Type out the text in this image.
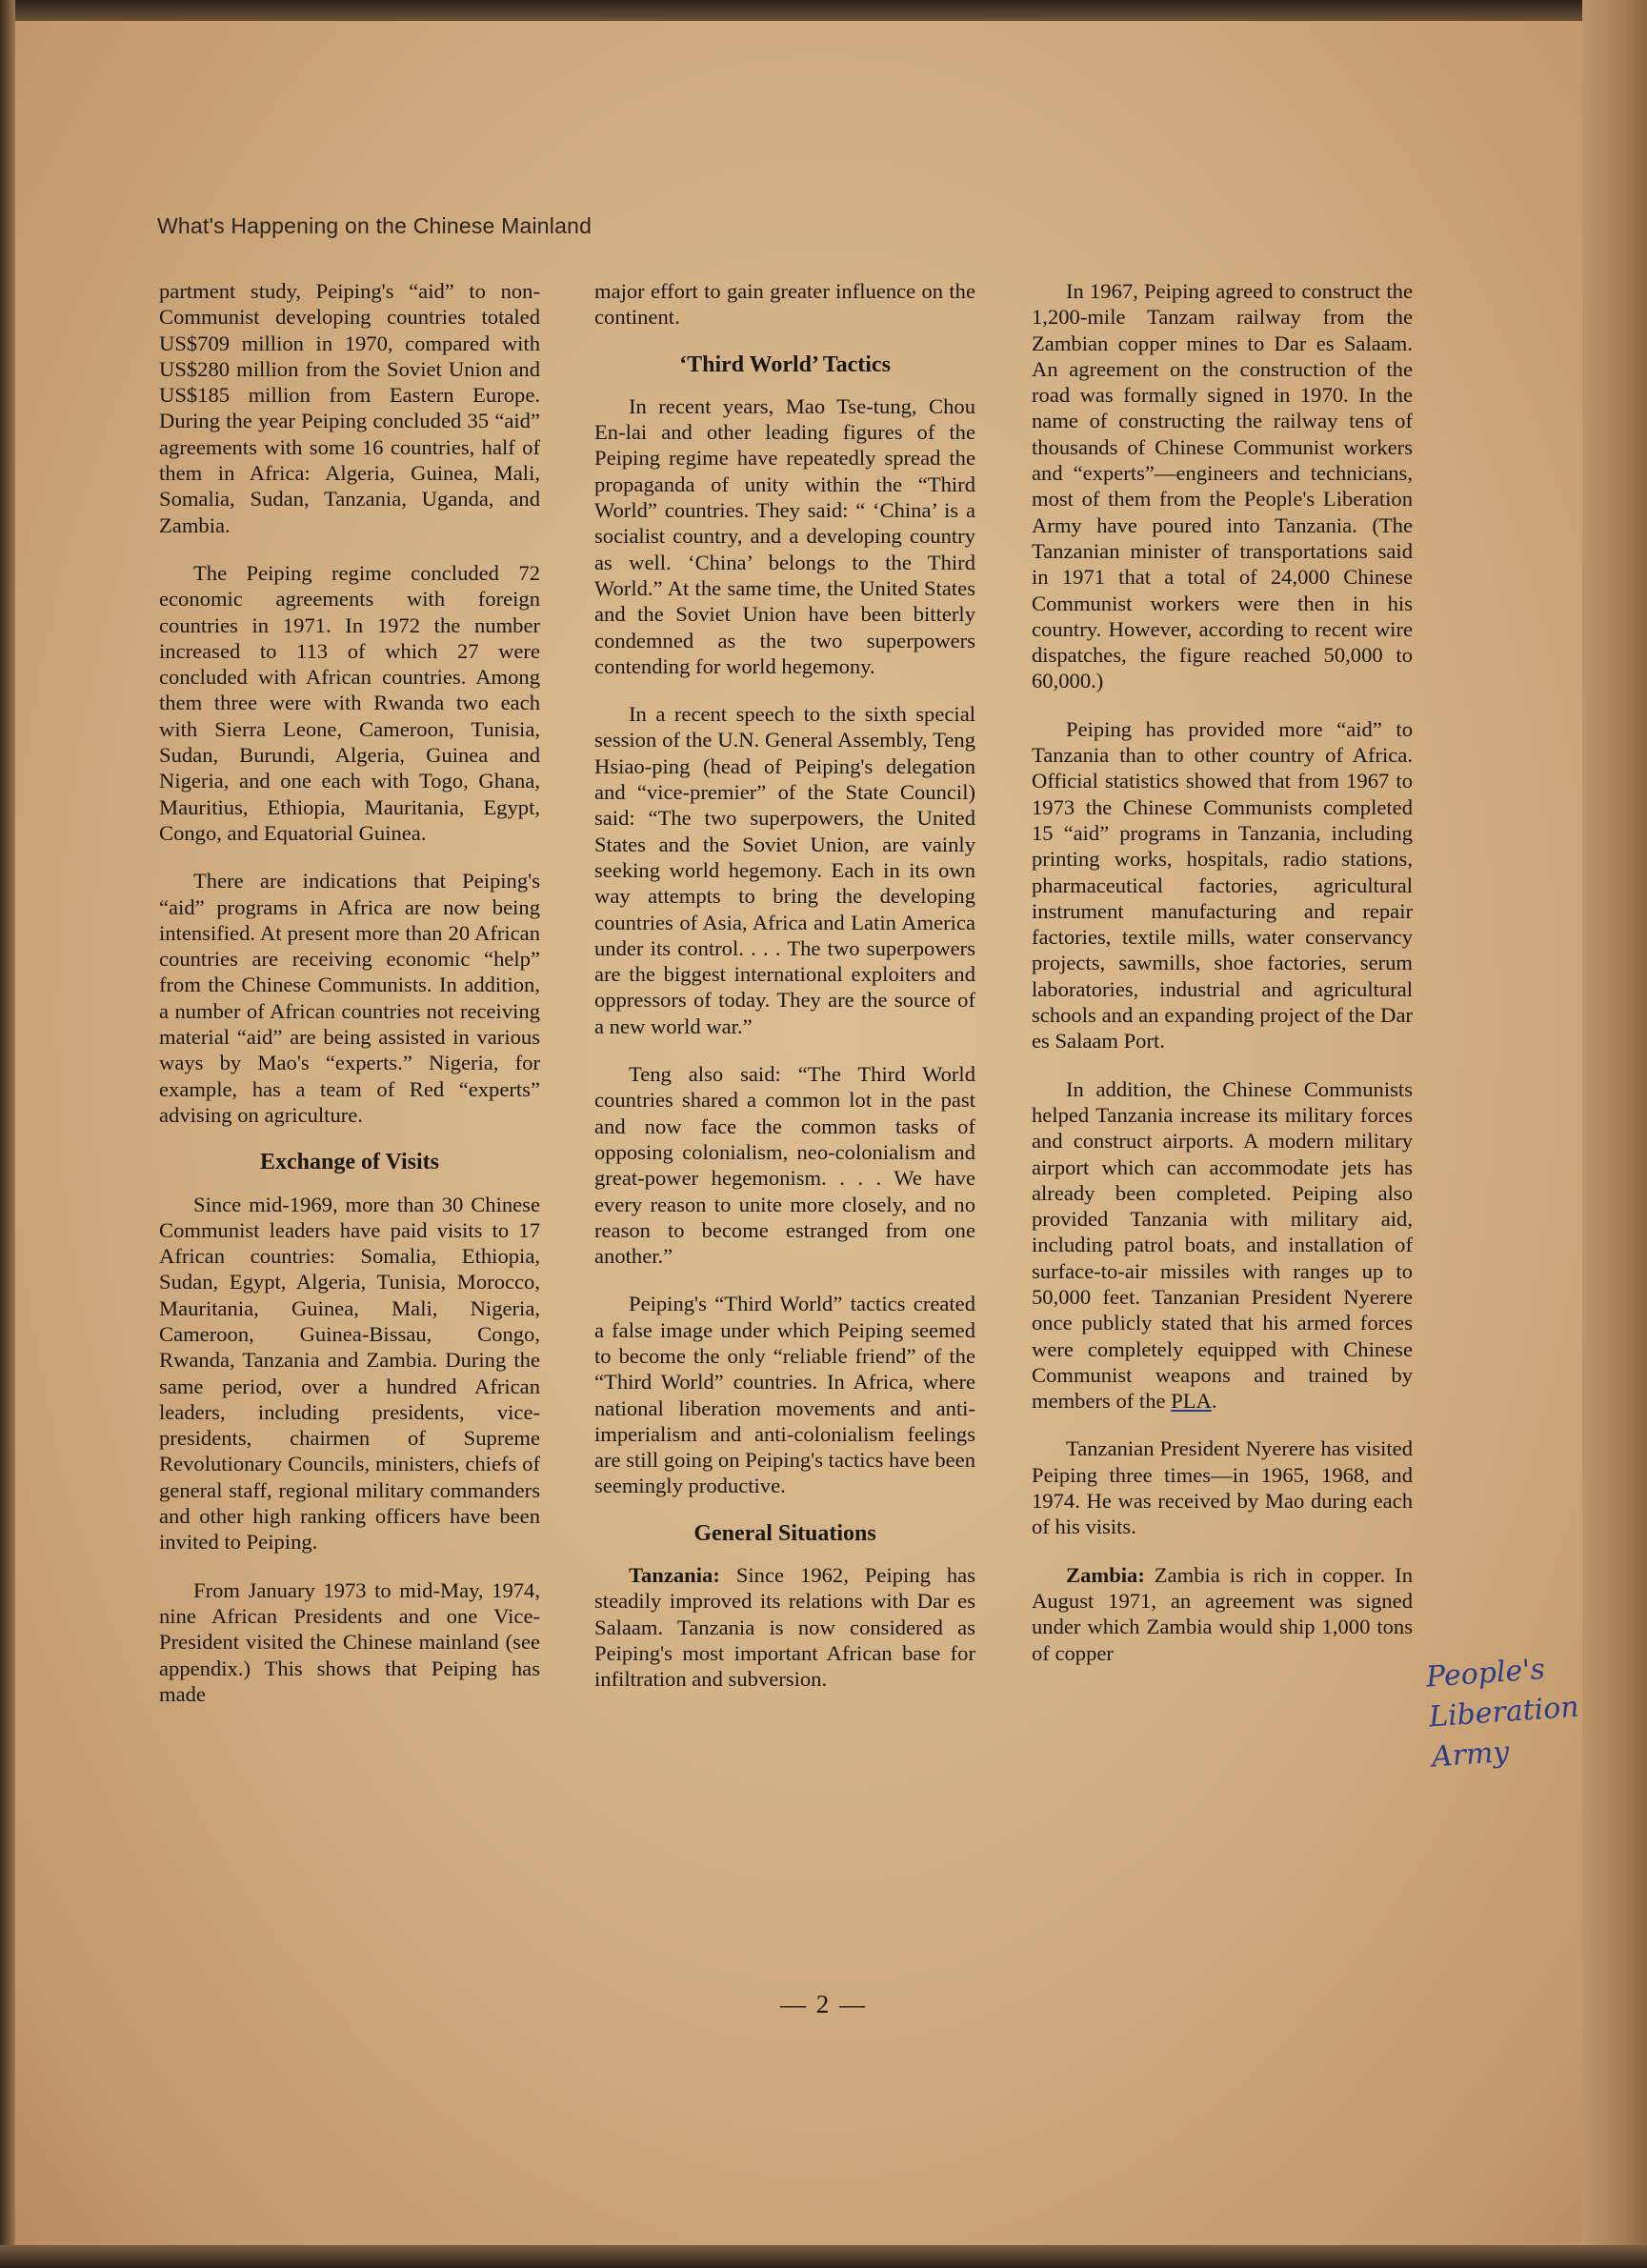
What's Happening on the Chinese Mainland

partment study, Peiping's “aid” to non-Communist developing countries totaled US$709 million in 1970, compared with US$280 million from the Soviet Union and US$185 million from Eastern Europe. During the year Peiping concluded 35 “aid” agreements with some 16 countries, half of them in Africa: Algeria, Guinea, Mali, Somalia, Sudan, Tanzania, Uganda, and Zambia.

The Peiping regime concluded 72 economic agreements with foreign countries in 1971. In 1972 the number increased to 113 of which 27 were concluded with African countries. Among them three were with Rwanda two each with Sierra Leone, Cameroon, Tunisia, Sudan, Burundi, Algeria, Guinea and Nigeria, and one each with Togo, Ghana, Mauritius, Ethiopia, Mauritania, Egypt, Congo, and Equatorial Guinea.

There are indications that Peiping's “aid” programs in Africa are now being intensified. At present more than 20 African countries are receiving economic “help” from the Chinese Communists. In addition, a number of African countries not receiving material “aid” are being assisted in various ways by Mao's “experts.” Nigeria, for example, has a team of Red “experts” advising on agriculture.

Exchange of Visits

Since mid-1969, more than 30 Chinese Communist leaders have paid visits to 17 African countries: Somalia, Ethiopia, Sudan, Egypt, Algeria, Tunisia, Morocco, Mauritania, Guinea, Mali, Nigeria, Cameroon, Guinea-Bissau, Congo, Rwanda, Tanzania and Zambia. During the same period, over a hundred African leaders, including presidents, vice-presidents, chairmen of Supreme Revolutionary Councils, ministers, chiefs of general staff, regional military commanders and other high ranking officers have been invited to Peiping.

From January 1973 to mid-May, 1974, nine African Presidents and one Vice-President visited the Chinese mainland (see appendix.) This shows that Peiping has made

major effort to gain greater influence on the continent.

‘Third World’ Tactics

In recent years, Mao Tse-tung, Chou En-lai and other leading figures of the Peiping regime have repeatedly spread the propaganda of unity within the “Third World” countries. They said: “ ‘China’ is a socialist country, and a developing country as well. ‘China’ belongs to the Third World.” At the same time, the United States and the Soviet Union have been bitterly condemned as the two superpowers contending for world hegemony.

In a recent speech to the sixth special session of the U.N. General Assembly, Teng Hsiao-ping (head of Peiping's delegation and “vice-premier” of the State Council) said: “The two superpowers, the United States and the Soviet Union, are vainly seeking world hegemony. Each in its own way attempts to bring the developing countries of Asia, Africa and Latin America under its control. . . . The two superpowers are the biggest international exploiters and oppressors of today. They are the source of a new world war.”

Teng also said: “The Third World countries shared a common lot in the past and now face the common tasks of opposing colonialism, neo-colonialism and great-power hegemonism. . . . We have every reason to unite more closely, and no reason to become estranged from one another.”

Peiping's “Third World” tactics created a false image under which Peiping seemed to become the only “reliable friend” of the “Third World” countries. In Africa, where national liberation movements and anti-imperialism and anti-colonialism feelings are still going on Peiping's tactics have been seemingly productive.

General Situations

Tanzania: Since 1962, Peiping has steadily improved its relations with Dar es Salaam. Tanzania is now considered as Peiping's most important African base for infiltration and subversion.

In 1967, Peiping agreed to construct the 1,200-mile Tanzam railway from the Zambian copper mines to Dar es Salaam. An agreement on the construction of the road was formally signed in 1970. In the name of constructing the railway tens of thousands of Chinese Communist workers and “experts”—engineers and technicians, most of them from the People's Liberation Army have poured into Tanzania. (The Tanzanian minister of transportations said in 1971 that a total of 24,000 Chinese Communist workers were then in his country. However, according to recent wire dispatches, the figure reached 50,000 to 60,000.)

Peiping has provided more “aid” to Tanzania than to other country of Africa. Official statistics showed that from 1967 to 1973 the Chinese Communists completed 15 “aid” programs in Tanzania, including printing works, hospitals, radio stations, pharmaceutical factories, agricultural instrument manufacturing and repair factories, textile mills, water conservancy projects, sawmills, shoe factories, serum laboratories, industrial and agricultural schools and an expanding project of the Dar es Salaam Port.

In addition, the Chinese Communists helped Tanzania increase its military forces and construct airports. A modern military airport which can accommodate jets has already been completed. Peiping also provided Tanzania with military aid, including patrol boats, and installation of surface-to-air missiles with ranges up to 50,000 feet. Tanzanian President Nyerere once publicly stated that his armed forces were completely equipped with Chinese Communist weapons and trained by members of the PLA.

Tanzanian President Nyerere has visited Peiping three times—in 1965, 1968, and 1974. He was received by Mao during each of his visits.

Zambia: Zambia is rich in copper. In August 1971, an agreement was signed under which Zambia would ship 1,000 tons of copper	People's
Liberation
Army
— 2 —
